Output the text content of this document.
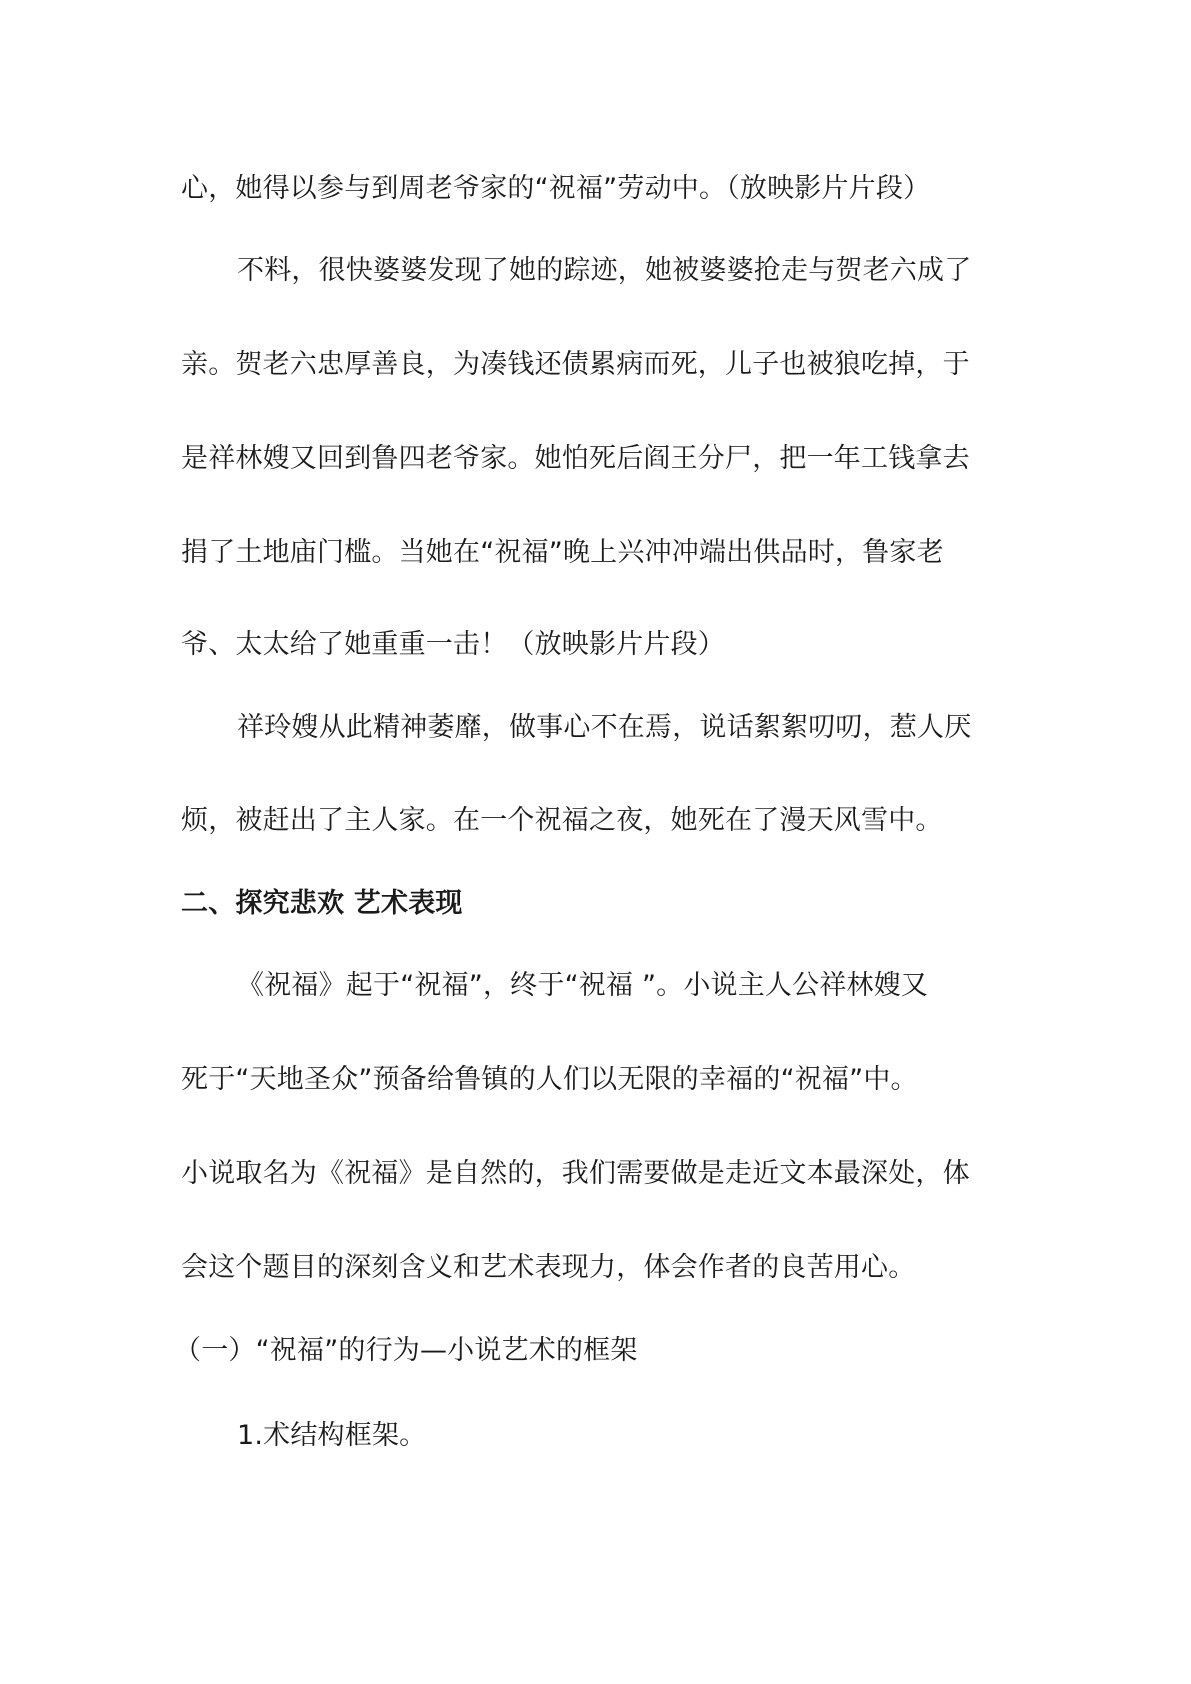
心，她得以参与到周老爷家的“祝福”劳动中。（放映影片片段）
不料，很快婆婆发现了她的踪迹，她被婆婆抢走与贺老六成了
亲。贺老六忠厚善良，为凑钱还债累病而死，儿子也被狼吃掉，于
是祥林嫂又回到鲁四老爷家。她怕死后阎王分尸，把一年工钱拿去
捐了土地庙门槛。当她在“祝福”晚上兴冲冲端出供品时，鲁家老
爷、太太给了她重重一击！（放映影片片段）
祥玲嫂从此精神萎靡，做事心不在焉，说话絮絮叨叨，惹人厌
烦，被赶出了主人家。在一个祝福之夜，她死在了漫天风雪中。
二、探究悲欢 艺术表现
《祝福》起于“祝福”，终于“祝福 ”。小说主人公祥林嫂又
死于“天地圣众”预备给鲁镇的人们以无限的幸福的“祝福”中。
小说取名为《祝福》是自然的，我们需要做是走近文本最深处，体
会这个题目的深刻含义和艺术表现力，体会作者的良苦用心。
（一）“祝福”的行为—小说艺术的框架
1.术结构框架。
